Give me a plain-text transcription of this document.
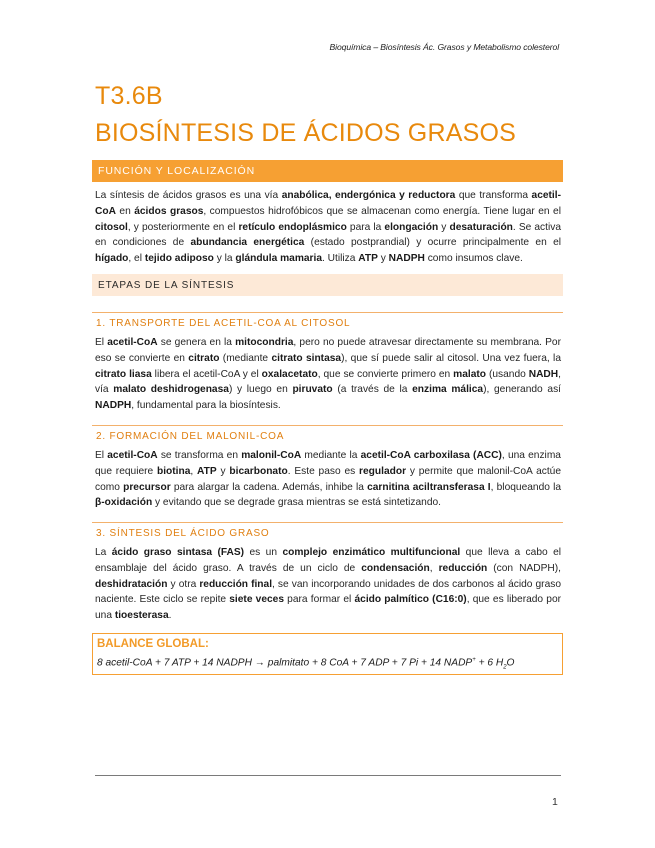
Bioquímica – Biosíntesis Ác. Grasos y Metabolismo colesterol
T3.6B
BIOSÍNTESIS DE ÁCIDOS GRASOS
FUNCIÓN Y LOCALIZACIÓN

La síntesis de ácidos grasos es una vía anabólica, endergónica y reductora que transforma acetil-CoA en ácidos grasos, compuestos hidrofóbicos que se almacenan como energía. Tiene lugar en el citosol, y posteriormente en el retículo endoplásmico para la elongación y desaturación. Se activa en condiciones de abundancia energética (estado postprandial) y ocurre principalmente en el hígado, el tejido adiposo y la glándula mamaria. Utiliza ATP y NADPH como insumos clave.

ETAPAS DE LA SÍNTESIS
1. TRANSPORTE DEL ACETIL-COA AL CITOSOL

El acetil-CoA se genera en la mitocondria, pero no puede atravesar directamente su membrana. Por eso se convierte en citrato (mediante citrato sintasa), que sí puede salir al citosol. Una vez fuera, la citrato liasa libera el acetil-CoA y el oxalacetato, que se convierte primero en malato (usando NADH, vía malato deshidrogenasa) y luego en piruvato (a través de la enzima málica), generando así NADPH, fundamental para la biosíntesis.

2. FORMACIÓN DEL MALONIL-COA

El acetil-CoA se transforma en malonil-CoA mediante la acetil-CoA carboxilasa (ACC), una enzima que requiere biotina, ATP y bicarbonato. Este paso es regulador y permite que malonil-CoA actúe como precursor para alargar la cadena. Además, inhibe la carnitina aciltransferasa I, bloqueando la β-oxidación y evitando que se degrade grasa mientras se está sintetizando.

3. SÍNTESIS DEL ÁCIDO GRASO

La ácido graso sintasa (FAS) es un complejo enzimático multifuncional que lleva a cabo el ensamblaje del ácido graso. A través de un ciclo de condensación, reducción (con NADPH), deshidratación y otra reducción final, se van incorporando unidades de dos carbonos al ácido graso naciente. Este ciclo se repite siete veces para formar el ácido palmítico (C16:0), que es liberado por una tioesterasa.

BALANCE GLOBAL:
8 acetil-CoA + 7 ATP + 14 NADPH → palmitato + 8 CoA + 7 ADP + 7 Pi + 14 NADP+ + 6 $H_2O$
1
